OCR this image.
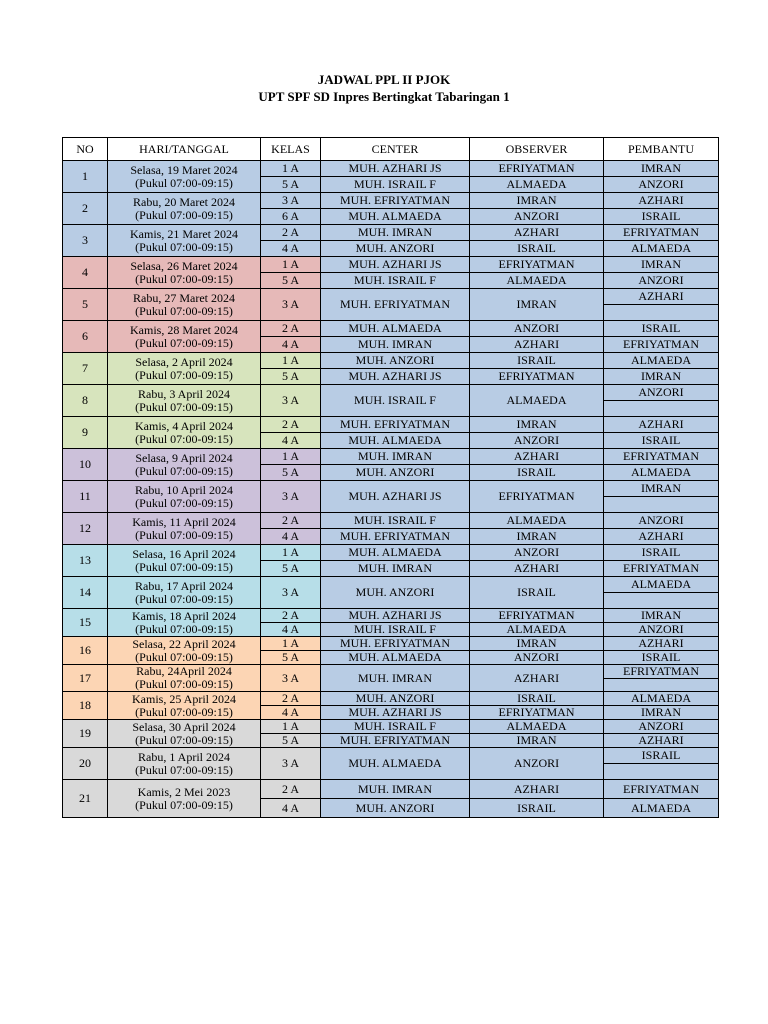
JADWAL PPL II PJOK
UPT SPF SD Inpres Bertingkat Tabaringan 1
NO	HARI/TANGGAL	KELAS	CENTER	OBSERVER	PEMBANTU
1	Selasa, 19 Maret 2024
(Pukul 07:00-09:15)	1 A	MUH. AZHARI JS	EFRIYATMAN	IMRAN
		5 A	MUH. ISRAIL F	ALMAEDA	ANZORI
2	Rabu, 20 Maret 2024
(Pukul 07:00-09:15)	3 A	MUH. EFRIYATMAN	IMRAN	AZHARI
		6 A	MUH. ALMAEDA	ANZORI	ISRAIL
3	Kamis, 21 Maret 2024
(Pukul 07:00-09:15)	2 A	MUH. IMRAN	AZHARI	EFRIYATMAN
		4 A	MUH. ANZORI	ISRAIL	ALMAEDA
4	Selasa, 26 Maret 2024
(Pukul 07:00-09:15)	1 A	MUH. AZHARI JS	EFRIYATMAN	IMRAN
		5 A	MUH. ISRAIL F	ALMAEDA	ANZORI
5	Rabu, 27 Maret 2024
(Pukul 07:00-09:15)	3 A	MUH. EFRIYATMAN	IMRAN	AZHARI

6	Kamis, 28 Maret 2024
(Pukul 07:00-09:15)	2 A	MUH. ALMAEDA	ANZORI	ISRAIL
		4 A	MUH. IMRAN	AZHARI	EFRIYATMAN
7	Selasa, 2 April 2024
(Pukul 07:00-09:15)	1 A	MUH. ANZORI	ISRAIL	ALMAEDA
		5 A	MUH. AZHARI JS	EFRIYATMAN	IMRAN
8	Rabu, 3 April 2024
(Pukul 07:00-09:15)	3 A	MUH. ISRAIL F	ALMAEDA	ANZORI

9	Kamis, 4 April 2024
(Pukul 07:00-09:15)	2 A	MUH. EFRIYATMAN	IMRAN	AZHARI
		4 A	MUH. ALMAEDA	ANZORI	ISRAIL
10	Selasa, 9 April 2024
(Pukul 07:00-09:15)	1 A	MUH. IMRAN	AZHARI	EFRIYATMAN
		5 A	MUH. ANZORI	ISRAIL	ALMAEDA
11	Rabu, 10 April 2024
(Pukul 07:00-09:15)	3 A	MUH. AZHARI JS	EFRIYATMAN	IMRAN

12	Kamis, 11 April 2024
(Pukul 07:00-09:15)	2 A	MUH. ISRAIL F	ALMAEDA	ANZORI
		4 A	MUH. EFRIYATMAN	IMRAN	AZHARI
13	Selasa, 16 April 2024
(Pukul 07:00-09:15)	1 A	MUH. ALMAEDA	ANZORI	ISRAIL
		5 A	MUH. IMRAN	AZHARI	EFRIYATMAN
14	Rabu, 17 April 2024
(Pukul 07:00-09:15)	3 A	MUH. ANZORI	ISRAIL	ALMAEDA

15	Kamis, 18 April 2024
(Pukul 07:00-09:15)	2 A	MUH. AZHARI JS	EFRIYATMAN	IMRAN
		4 A	MUH. ISRAIL F	ALMAEDA	ANZORI
16	Selasa, 22 April 2024
(Pukul 07:00-09:15)	1 A	MUH. EFRIYATMAN	IMRAN	AZHARI
		5 A	MUH. ALMAEDA	ANZORI	ISRAIL
17	Rabu, 24April 2024
(Pukul 07:00-09:15)	3 A	MUH. IMRAN	AZHARI	EFRIYATMAN

18	Kamis, 25 April 2024
(Pukul 07:00-09:15)	2 A	MUH. ANZORI	ISRAIL	ALMAEDA
		4 A	MUH. AZHARI JS	EFRIYATMAN	IMRAN
19	Selasa, 30 April 2024
(Pukul 07:00-09:15)	1 A	MUH. ISRAIL F	ALMAEDA	ANZORI
		5 A	MUH. EFRIYATMAN	IMRAN	AZHARI
20	Rabu, 1 April 2024
(Pukul 07:00-09:15)	3 A	MUH. ALMAEDA	ANZORI	ISRAIL

21	Kamis, 2 Mei 2023
(Pukul 07:00-09:15)	2 A	MUH. IMRAN	AZHARI	EFRIYATMAN
		4 A	MUH. ANZORI	ISRAIL	ALMAEDA
